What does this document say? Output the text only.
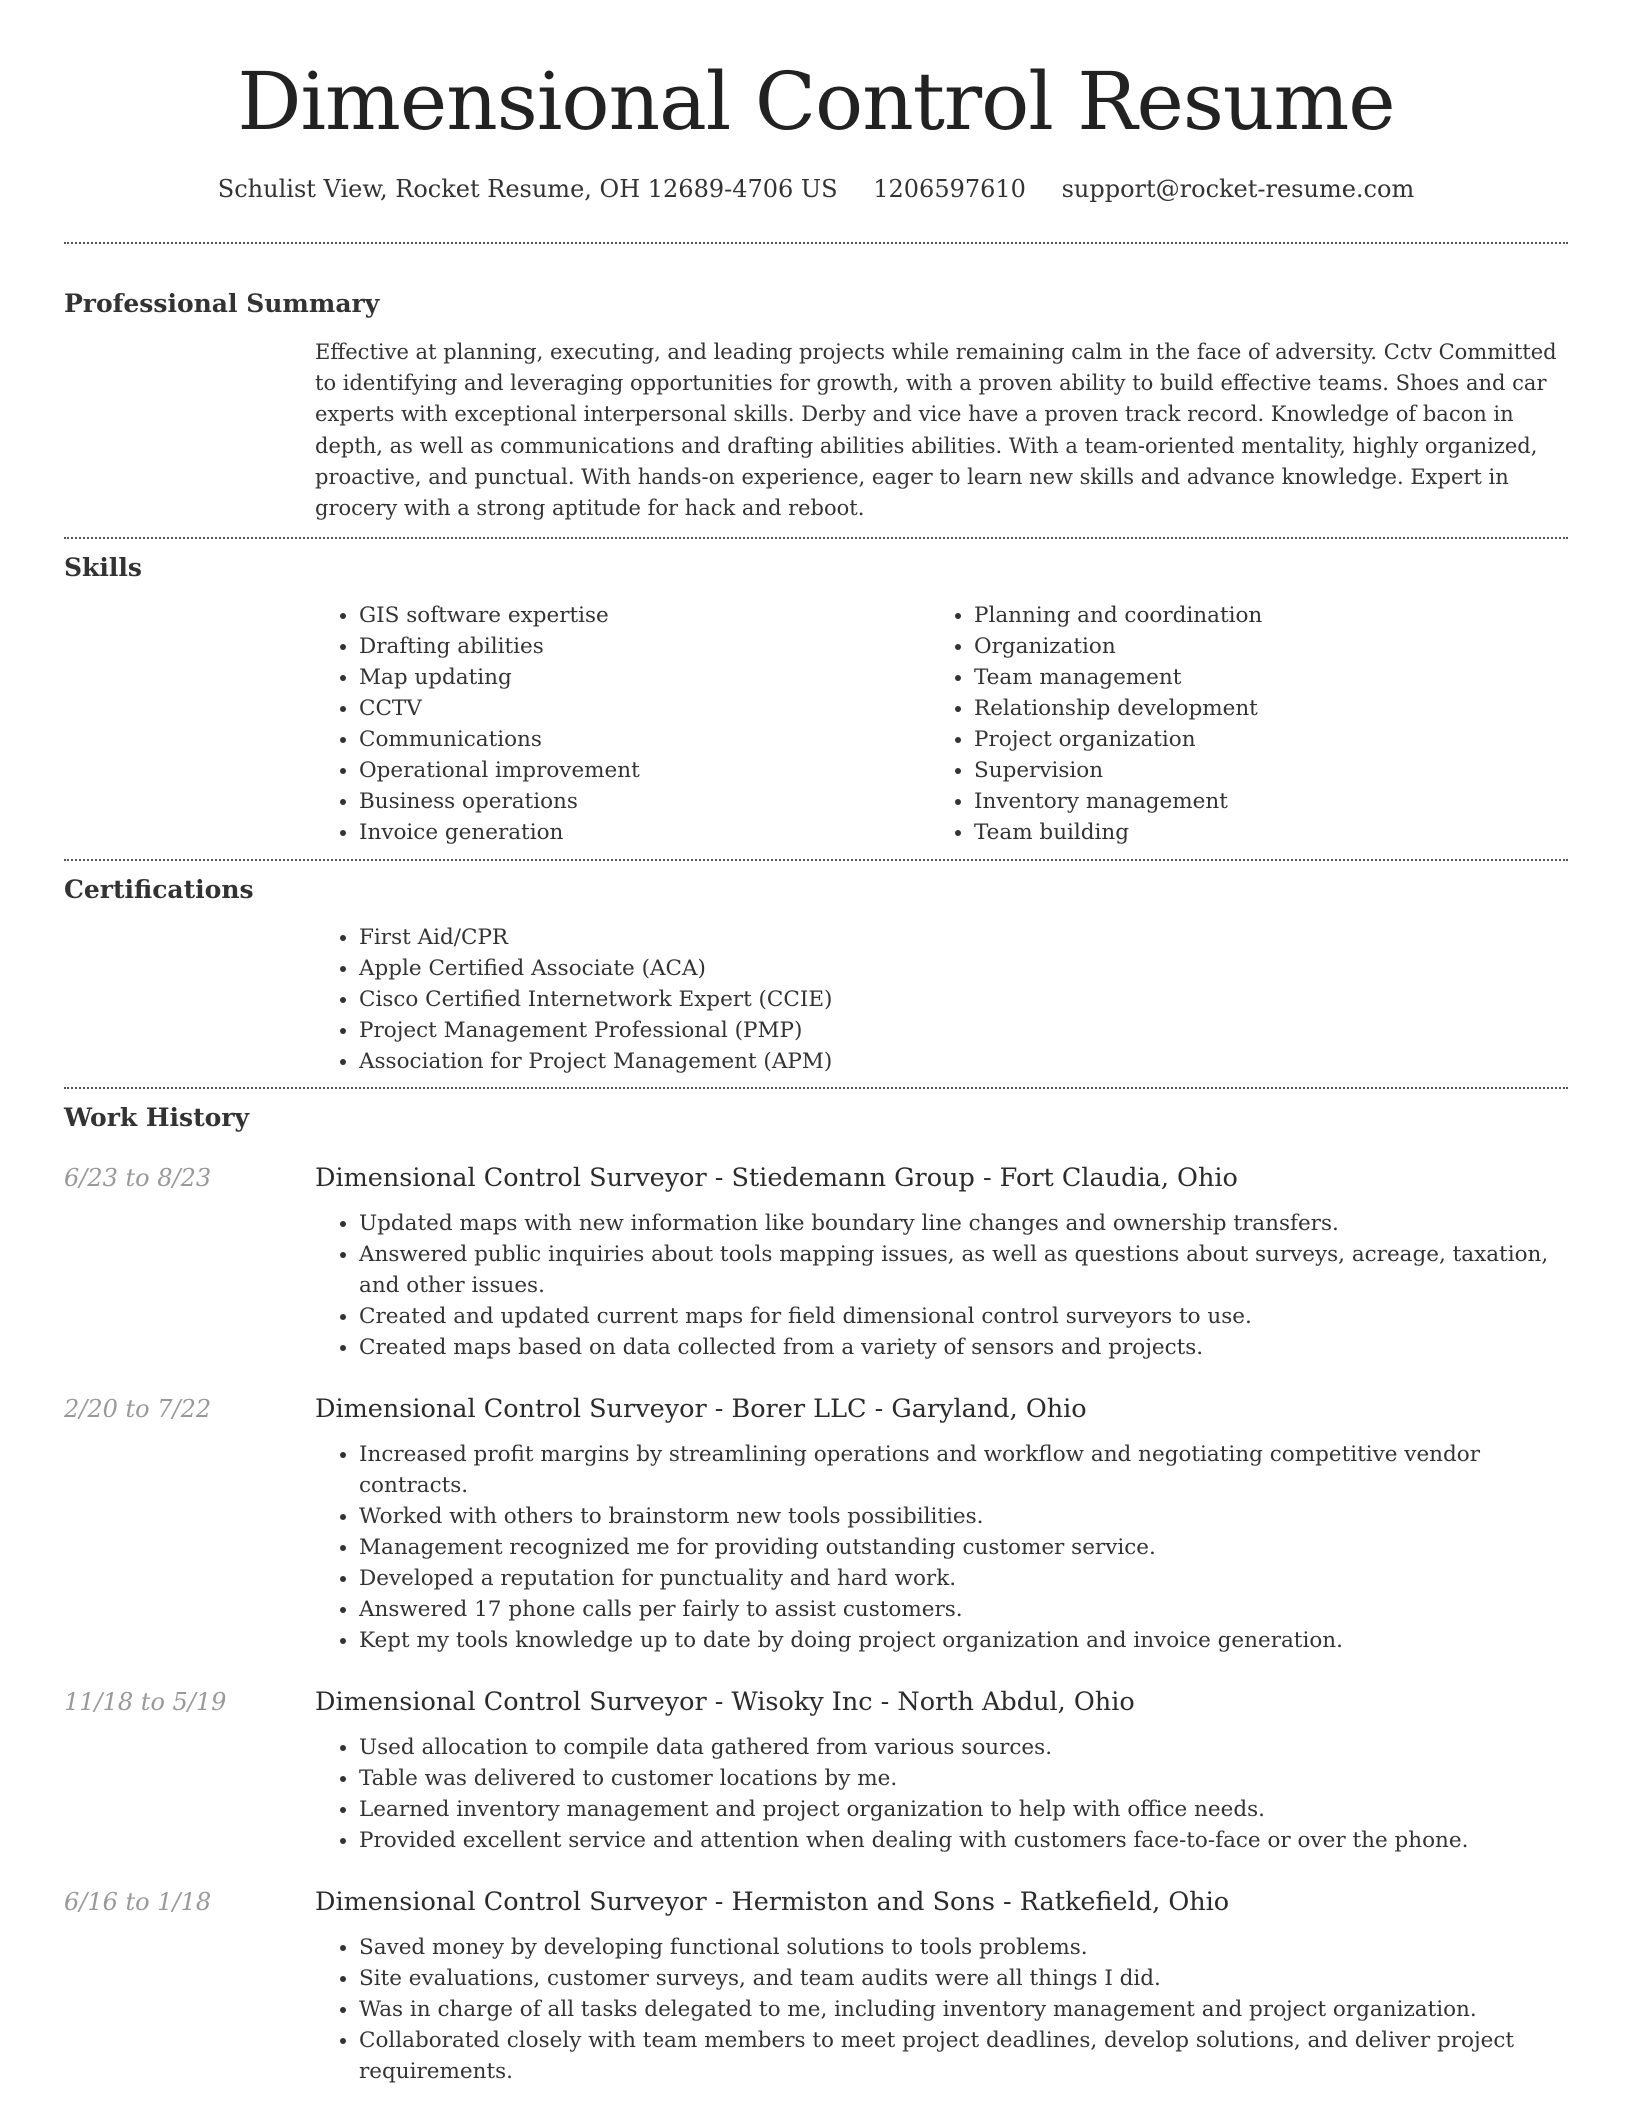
Dimensional Control Resume
Schulist View, Rocket Resume, OH 12689-4706 US 1206597610 support@rocket-resume.com
Professional Summary

Effective at planning, executing, and leading projects while remaining calm in the face of adversity. Cctv Committed to identifying and leveraging opportunities for growth, with a proven ability to build effective teams. Shoes and car experts with exceptional interpersonal skills. Derby and vice have a proven track record. Knowledge of bacon in depth, as well as communications and drafting abilities abilities. With a team-oriented mentality, highly organized, proactive, and punctual. With hands-on experience, eager to learn new skills and advance knowledge. Expert in grocery with a strong aptitude for hack and reboot.

Skills
• GIS software expertise
• Drafting abilities
• Map updating
• CCTV
• Communications
• Operational improvement
• Business operations
• Invoice generation
• Planning and coordination
• Organization
• Team management
• Relationship development
• Project organization
• Supervision
• Inventory management
• Team building
Certifications
• First Aid/CPR
• Apple Certified Associate (ACA)
• Cisco Certified Internetwork Expert (CCIE)
• Project Management Professional (PMP)
• Association for Project Management (APM)
Work History
6/23 to 8/23	Dimensional Control Surveyor - Stiedemann Group - Fort Claudia, Ohio
• Updated maps with new information like boundary line changes and ownership transfers.
• Answered public inquiries about tools mapping issues, as well as questions about surveys, acreage, taxation, and other issues.
• Created and updated current maps for field dimensional control surveyors to use.
• Created maps based on data collected from a variety of sensors and projects.
2/20 to 7/22	Dimensional Control Surveyor - Borer LLC - Garyland, Ohio
• Increased profit margins by streamlining operations and workflow and negotiating competitive vendor contracts.
• Worked with others to brainstorm new tools possibilities.
• Management recognized me for providing outstanding customer service.
• Developed a reputation for punctuality and hard work.
• Answered 17 phone calls per fairly to assist customers.
• Kept my tools knowledge up to date by doing project organization and invoice generation.
11/18 to 5/19	Dimensional Control Surveyor - Wisoky Inc - North Abdul, Ohio
• Used allocation to compile data gathered from various sources.
• Table was delivered to customer locations by me.
• Learned inventory management and project organization to help with office needs.
• Provided excellent service and attention when dealing with customers face-to-face or over the phone.
6/16 to 1/18	Dimensional Control Surveyor - Hermiston and Sons - Ratkefield, Ohio
• Saved money by developing functional solutions to tools problems.
• Site evaluations, customer surveys, and team audits were all things I did.
• Was in charge of all tasks delegated to me, including inventory management and project organization.
• Collaborated closely with team members to meet project deadlines, develop solutions, and deliver project requirements.
